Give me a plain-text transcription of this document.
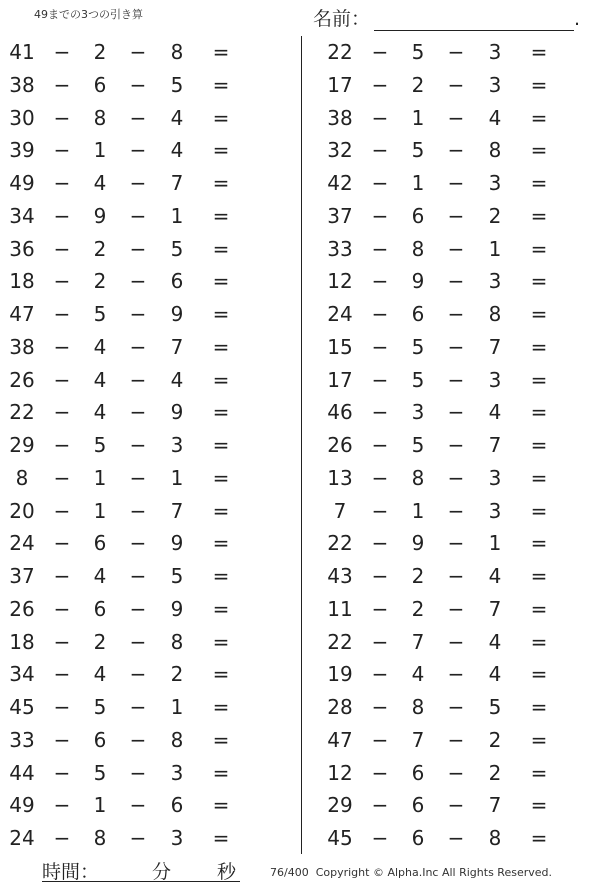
49までの3つの引き算	名前：	.
41 −	2	−	8	=
38 −	6	−	5	=
30 −	8	−	4	=
39 −	1	−	4	=
49 −	4	−	7	=
34 −	9	−	1	=
36 −	2	−	5	=
18 −	2	−	6	=
47 −	5	−	9	=
38 −	4	−	7	=
26 −	4	−	4	=
22 −	4	−	9	=
29 −	5	−	3	=
8	−	1	−	1	=
20 −	1	−	7	=
24 −	6	−	9	=
37 −	4	−	5	=
26 −	6	−	9	=
18 −	2	−	8	=
34 −	4	−	2	=
45 −	5	−	1	=
33 −	6	−	8	=
44 −	5	−	3	=
49 −	1	−	6	=
24 −	8	−	3	=
22 −	5	−	3	=
17 −	2	−	3	=
38 −	1	−	4	=
32 −	5	−	8	=
42 −	1	−	3	=
37 −	6	−	2	=
33 −	8	−	1	=
12 −	9	−	3	=
24 −	6	−	8	=
15 −	5	−	7	=
17 −	5	−	3	=
46 −	3	−	4	=
26 −	5	−	7	=
13 −	8	−	3	=
7	−	1	−	3	=
22 −	9	−	1	=
43 −	2	−	4	=
11 −	2	−	7	=
22 −	7	−	4	=
19 −	4	−	4	=
28 −	8	−	5	=
47 −	7	−	2	=
12 −	6	−	2	=
29 −	6	−	7	=
45 −	6	−	8	=
時間：	分 秒	76/400 Copyright © Alpha.Inc All Rights Reserved.
